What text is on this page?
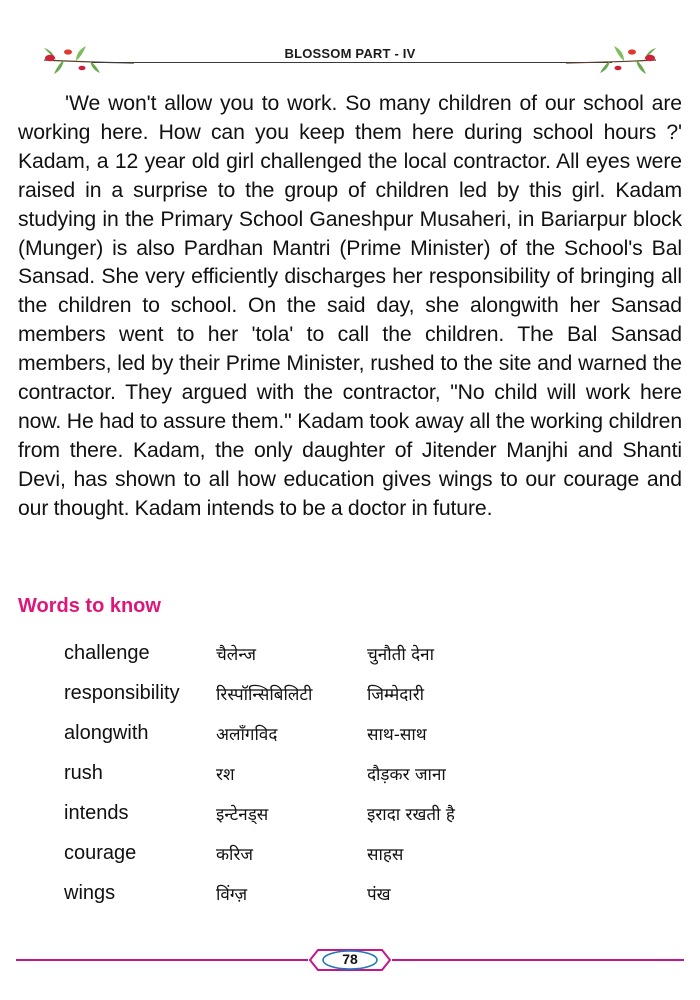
BLOSSOM PART - IV

'We won't allow you to work. So many children of our school are working here. How can you keep them here during school hours ?' Kadam, a 12 year old girl challenged the local contractor. All eyes were raised in a surprise to the group of children led by this girl. Kadam studying in the Primary School Ganeshpur Musaheri, in Bariarpur block (Munger) is also Pardhan Mantri (Prime Minister) of the School's Bal Sansad. She very efficiently discharges her responsibility of bringing all the children to school. On the said day, she alongwith her Sansad members went to her 'tola' to call the children. The Bal Sansad members, led by their Prime Minister, rushed to the site and warned the contractor. They argued with the contractor, "No child will work here now. He had to assure them." Kadam took away all the working children from there. Kadam, the only daughter of Jitender Manjhi and Shanti Devi, has shown to all how education gives wings to our courage and our thought. Kadam intends to be a doctor in future.

Words to know
challenge	चैलेन्ज	चुनौती देना
responsibility रिस्पॉन्सिबिलिटी	जिम्मेदारी
alongwith	अलाँगविद	साथ-साथ
rush	रश	दौड़कर जाना
intends	इन्टेनड्स	इरादा रखती है
courage	करिज	साहस
wings	विंग्ज़	पंख
78
